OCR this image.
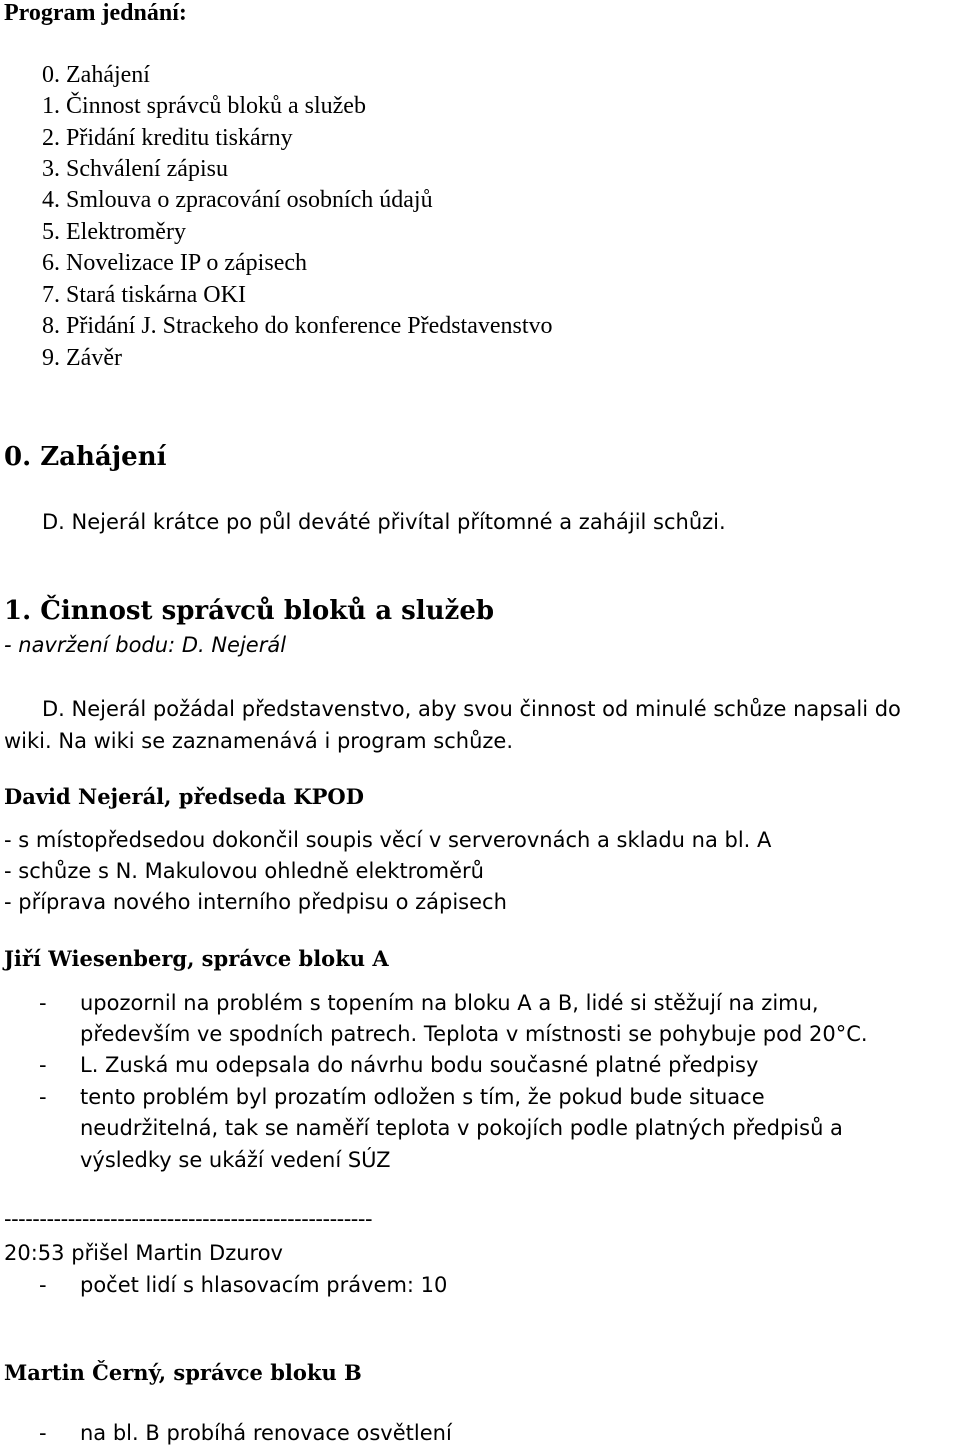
Program jednání:
0. Zahájení
1. Činnost správců bloků a služeb
2. Přidání kreditu tiskárny
3. Schválení zápisu
4. Smlouva o zpracování osobních údajů
5. Elektroměry
6. Novelizace IP o zápisech
7. Stará tiskárna OKI
8. Přidání J. Strackeho do konference Představenstvo
9. Závěr
0. Zahájení
D. Nejerál krátce po půl deváté přivítal přítomné a zahájil schůzi.
1. Činnost správců bloků a služeb
- navržení bodu: D. Nejerál
D. Nejerál požádal představenstvo, aby svou činnost od minulé schůze napsali do
wiki. Na wiki se zaznamenává i program schůze.
David Nejerál, předseda KPOD
- s místopředsedou dokončil soupis věcí v serverovnách a skladu na bl. A
- schůze s N. Makulovou ohledně elektroměrů
- příprava nového interního předpisu o zápisech
Jiří Wiesenberg, správce bloku A
- upozornil na problém s topením na bloku A a B, lidé si stěžují na zimu,
především ve spodních patrech. Teplota v místnosti se pohybuje pod 20°C.
- L. Zuská mu odepsala do návrhu bodu současné platné předpisy
- tento problém byl prozatím odložen s tím, že pokud bude situace
neudržitelná, tak se naměří teplota v pokojích podle platných předpisů a
výsledky se ukáží vedení SÚZ
----------------------------------------------------
20:53 přišel Martin Dzurov
- počet lidí s hlasovacím právem: 10
Martin Černý, správce bloku B
- na bl. B probíhá renovace osvětlení
